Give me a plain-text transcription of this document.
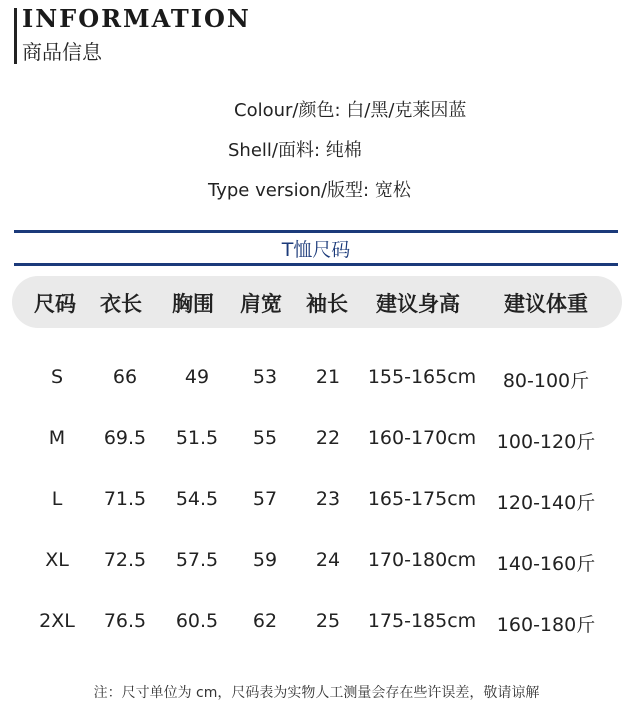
INFORMATION
商品信息
Colour/颜色: 白/黑/克莱因蓝
Shell/面料: 纯棉
Type version/版型: 宽松
T恤尺码
尺码 衣长 胸围 肩宽 袖长 建议身高 建议体重
S	66	49 53 21 155-165cm 80-100斤
M 69.5 51.5 55 22 160-170cm 100-120斤
L 71.5 54.5 57 23 165-175cm 120-140斤
XL 72.5 57.5 59 24 170-180cm 140-160斤
2XL 76.5 60.5 62 25 175-185cm 160-180斤
注：尺寸单位为 cm，尺码表为实物人工测量会存在些许误差，敬请谅解
